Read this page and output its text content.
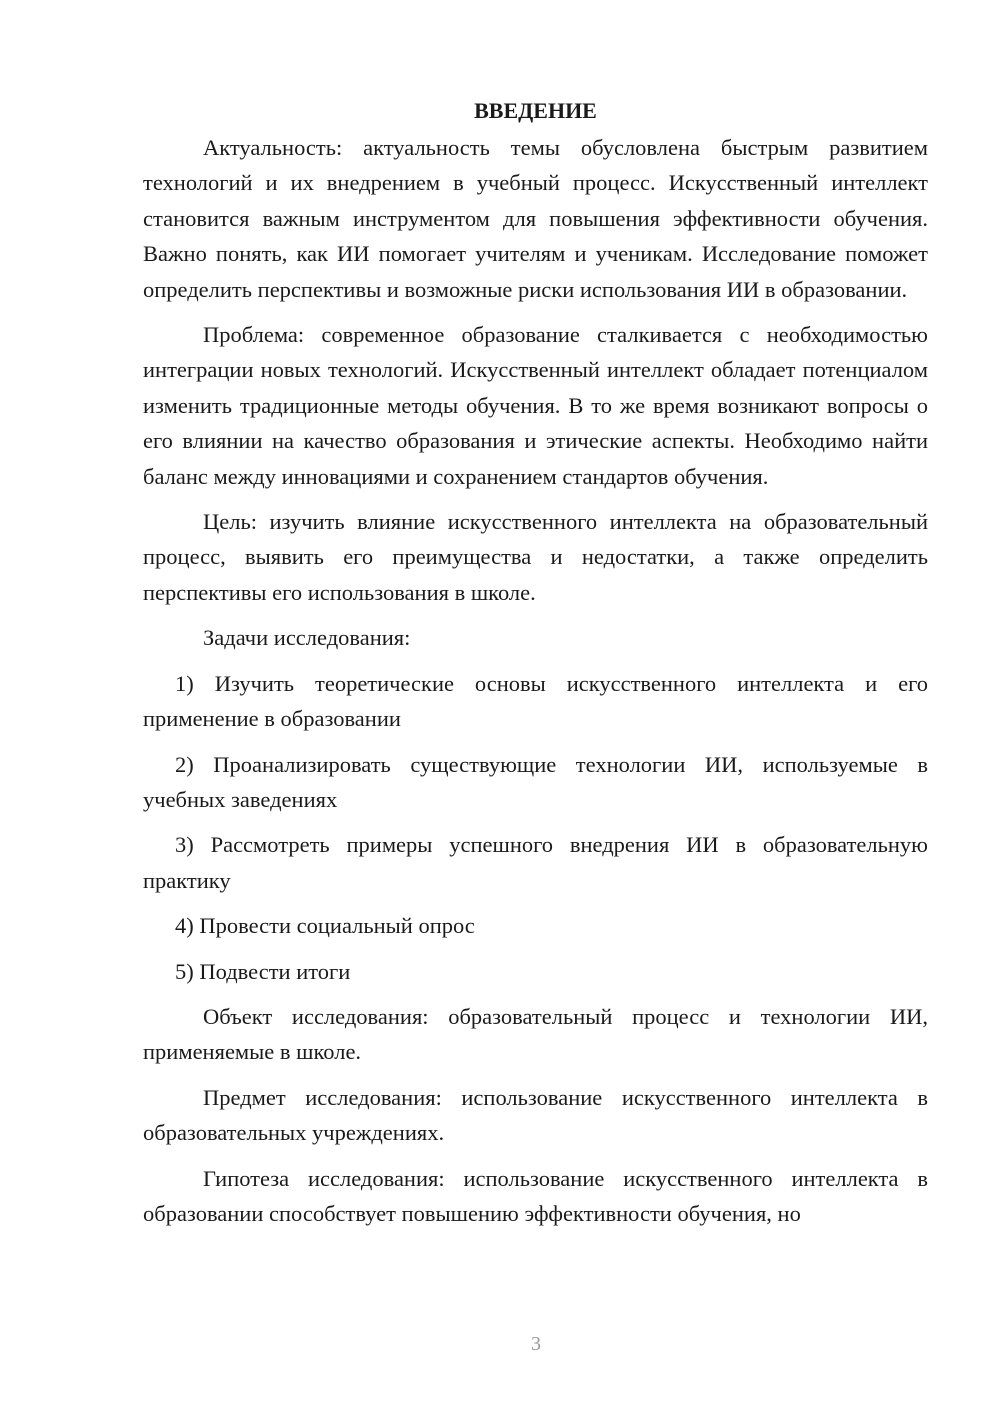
ВВЕДЕНИЕ

Актуальность: актуальность темы обусловлена быстрым развитием технологий и их внедрением в учебный процесс. Искусственный интеллект становится важным инструментом для повышения эффективности обучения. Важно понять, как ИИ помогает учителям и ученикам. Исследование поможет определить перспективы и возможные риски использования ИИ в образовании.

Проблема: современное образование сталкивается с необходимостью интеграции новых технологий. Искусственный интеллект обладает потенциалом изменить традиционные методы обучения. В то же время возникают вопросы о его влиянии на качество образования и этические аспекты. Необходимо найти баланс между инновациями и сохранением стандартов обучения.

Цель: изучить влияние искусственного интеллекта на образовательный процесс, выявить его преимущества и недостатки, а также определить перспективы его использования в школе.

Задачи исследования:

1) Изучить теоретические основы искусственного интеллекта и его применение в образовании

2) Проанализировать существующие технологии ИИ, используемые в учебных заведениях

3) Рассмотреть примеры успешного внедрения ИИ в образовательную практику

4) Провести социальный опрос

5) Подвести итоги

Объект исследования: образовательный процесс и технологии ИИ, применяемые в школе.

Предмет исследования: использование искусственного интеллекта в образовательных учреждениях.

Гипотеза исследования: использование искусственного интеллекта в образовании способствует повышению эффективности обучения, но

3
